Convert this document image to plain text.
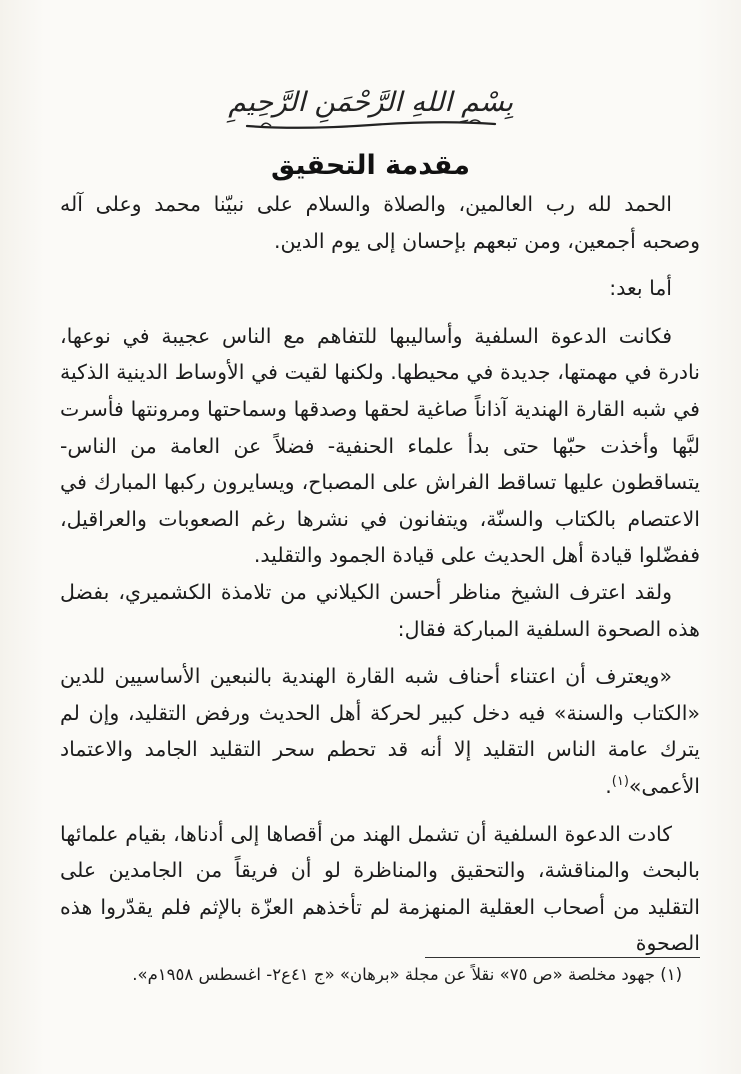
بِسْمِ اللهِ الرَّحْمَنِ الرَّحِيمِ
مقدمة التحقيق

الحمد لله رب العالمين، والصلاة والسلام على نبيّنا محمد وعلى آله وصحبه أجمعين، ومن تبعهم بإحسان إلى يوم الدين.

أما بعد:

فكانت الدعوة السلفية وأساليبها للتفاهم مع الناس عجيبة في نوعها، نادرة في مهمتها، جديدة في محيطها. ولكنها لقيت في الأوساط الدينية الذكية في شبه القارة الهندية آذاناً صاغية لحقها وصدقها وسماحتها ومرونتها فأسرت لبَّها وأخذت حبّها حتى بدأ علماء الحنفية- فضلاً عن العامة من الناس- يتساقطون عليها تساقط الفراش على المصباح، ويسايرون ركبها المبارك في الاعتصام بالكتاب والسنّة، ويتفانون في نشرها رغم الصعوبات والعراقيل، ففضّلوا قيادة أهل الحديث على قيادة الجمود والتقليد.

ولقد اعترف الشيخ مناظر أحسن الكيلاني من تلامذة الكشميري، بفضل هذه الصحوة السلفية المباركة فقال:

«ويعترف أن اعتناء أحناف شبه القارة الهندية بالنبعين الأساسيين للدين «الكتاب والسنة» فيه دخل كبير لحركة أهل الحديث ورفض التقليد، وإن لم يترك عامة الناس التقليد إلا أنه قد تحطم سحر التقليد الجامد والاعتماد الأعمى»$^{(١)}$.

كادت الدعوة السلفية أن تشمل الهند من أقصاها إلى أدناها، بقيام علمائها بالبحث والمناقشة، والتحقيق والمناظرة لو أن فريقاً من الجامدين على التقليد من أصحاب العقلية المنهزمة لم تأخذهم العزّة بالإثم فلم يقدّروا هذه الصحوة

(١) جهود مخلصة «ص ٧٥» نقلاً عن مجلة «برهان» «ج ٤١ع٢- اغسطس ١٩٥٨م».
